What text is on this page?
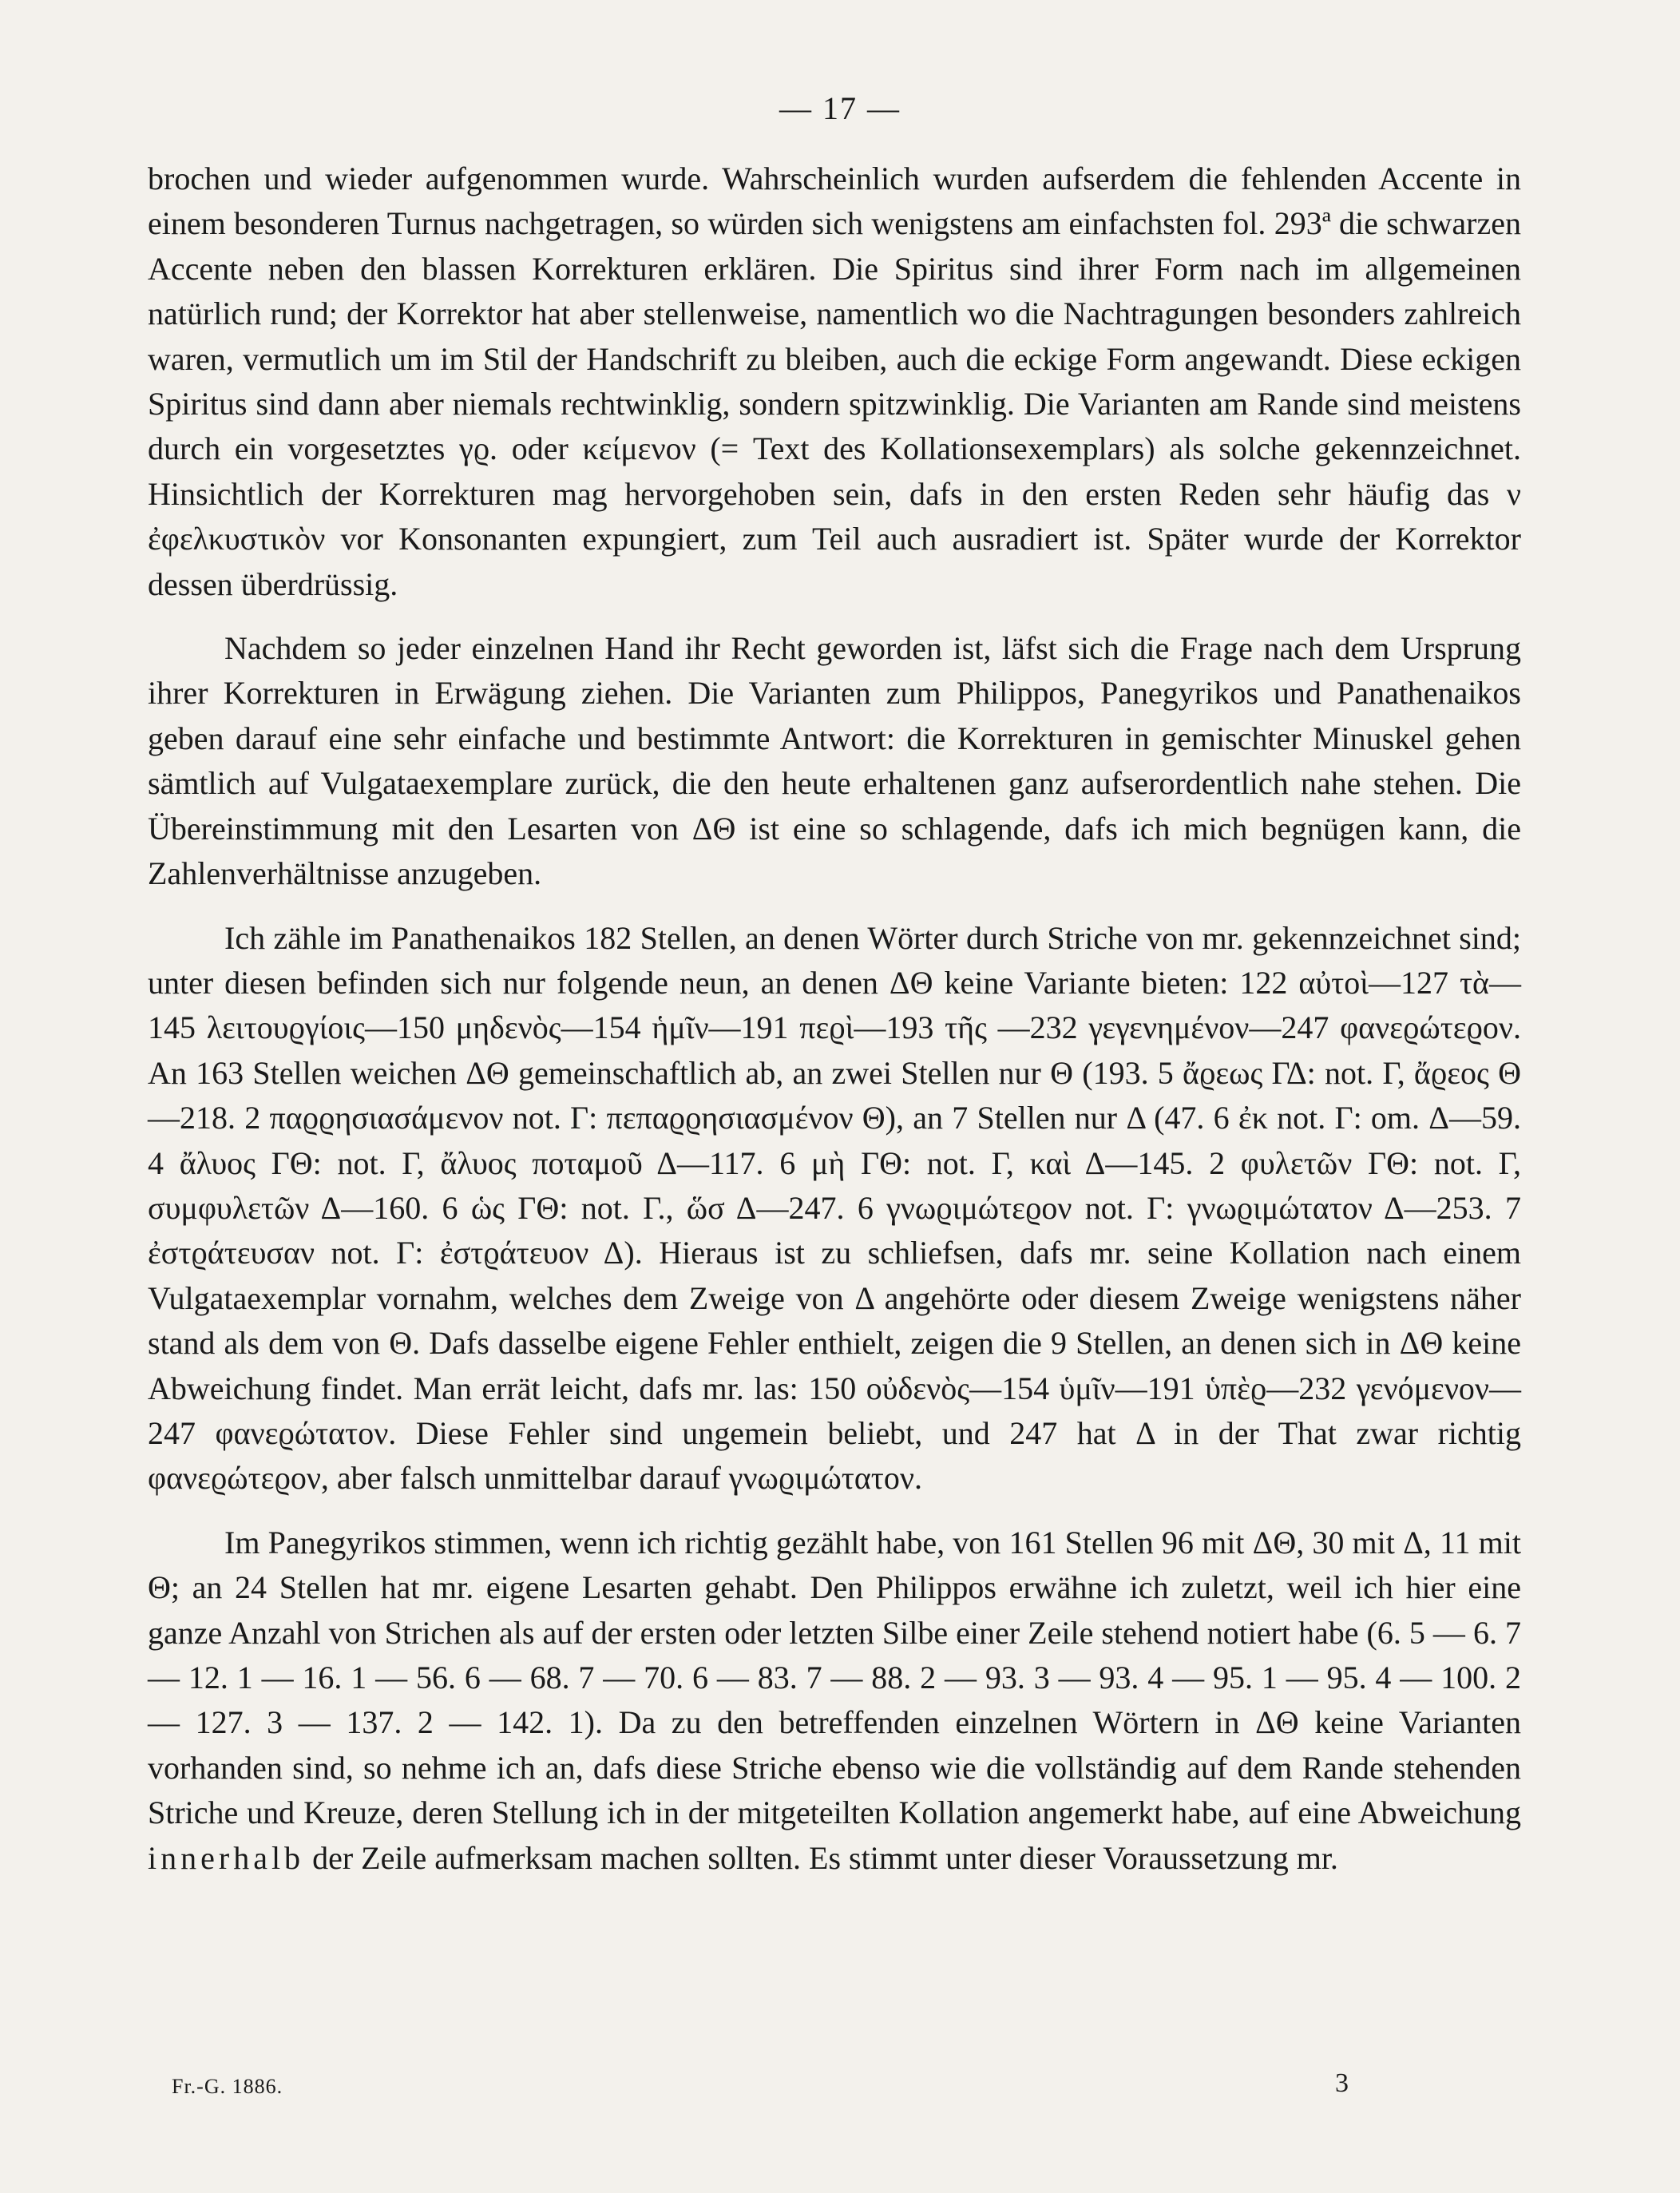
— 17 —

brochen und wieder aufgenommen wurde. Wahrscheinlich wurden aufserdem die fehlenden Accente in einem besonderen Turnus nachgetragen, so würden sich wenigstens am einfachsten fol. 293ª die schwarzen Accente neben den blassen Korrekturen erklären. Die Spiritus sind ihrer Form nach im allgemeinen natürlich rund; der Korrektor hat aber stellenweise, namentlich wo die Nachtragungen besonders zahlreich waren, vermutlich um im Stil der Handschrift zu bleiben, auch die eckige Form angewandt. Diese eckigen Spiritus sind dann aber niemals rechtwinklig, sondern spitzwinklig. Die Varianten am Rande sind meistens durch ein vorgesetztes γϱ. oder κείμενον (= Text des Kollationsexemplars) als solche gekennzeichnet. Hinsichtlich der Korrekturen mag hervorgehoben sein, dafs in den ersten Reden sehr häufig das ν ἐφελκυστικὸν vor Konsonanten expungiert, zum Teil auch ausradiert ist. Später wurde der Korrektor dessen überdrüssig.

Nachdem so jeder einzelnen Hand ihr Recht geworden ist, läfst sich die Frage nach dem Ursprung ihrer Korrekturen in Erwägung ziehen. Die Varianten zum Philippos, Panegyrikos und Panathenaikos geben darauf eine sehr einfache und bestimmte Antwort: die Korrekturen in gemischter Minuskel gehen sämtlich auf Vulgataexemplare zurück, die den heute erhaltenen ganz aufserordentlich nahe stehen. Die Übereinstimmung mit den Lesarten von ΔΘ ist eine so schlagende, dafs ich mich begnügen kann, die Zahlenverhältnisse anzugeben.

Ich zähle im Panathenaikos 182 Stellen, an denen Wörter durch Striche von mr. gekennzeichnet sind; unter diesen befinden sich nur folgende neun, an denen ΔΘ keine Variante bieten: 122 αὐτοὶ—127 τὰ—145 λειτουϱγίοις—150 μηδενὸς—154 ἡμῖν—191 πεϱὶ—193 τῆς —232 γεγενημένον—247 φανεϱώτεϱον. An 163 Stellen weichen ΔΘ gemeinschaftlich ab, an zwei Stellen nur Θ (193. 5 ἄϱεως ΓΔ: not. Γ, ἄϱεος Θ—218. 2 παϱϱησιασάμενον not. Γ: πεπαϱϱησιασμένον Θ), an 7 Stellen nur Δ (47. 6 ἐκ not. Γ: om. Δ—59. 4 ἄλυος ΓΘ: not. Γ, ἄλυος ποταμοῦ Δ—117. 6 μὴ ΓΘ: not. Γ, καὶ Δ—145. 2 φυλετῶν ΓΘ: not. Γ, συμφυλετῶν Δ—160. 6 ὡς ΓΘ: not. Γ., ὥσ Δ—247. 6 γνωϱιμώτεϱον not. Γ: γνωϱιμώτατον Δ—253. 7 ἐστϱάτευσαν not. Γ: ἐστϱάτευον Δ). Hieraus ist zu schliefsen, dafs mr. seine Kollation nach einem Vulgataexemplar vornahm, welches dem Zweige von Δ angehörte oder diesem Zweige wenigstens näher stand als dem von Θ. Dafs dasselbe eigene Fehler enthielt, zeigen die 9 Stellen, an denen sich in ΔΘ keine Abweichung findet. Man errät leicht, dafs mr. las: 150 οὐδενὸς—154 ὑμῖν—191 ὑπὲϱ—232 γενόμενον—247 φανεϱώτατον. Diese Fehler sind ungemein beliebt, und 247 hat Δ in der That zwar richtig φανεϱώτεϱον, aber falsch unmittelbar darauf γνωϱιμώτατον.

Im Panegyrikos stimmen, wenn ich richtig gezählt habe, von 161 Stellen 96 mit ΔΘ, 30 mit Δ, 11 mit Θ; an 24 Stellen hat mr. eigene Lesarten gehabt. Den Philippos erwähne ich zuletzt, weil ich hier eine ganze Anzahl von Strichen als auf der ersten oder letzten Silbe einer Zeile stehend notiert habe (6. 5 — 6. 7 — 12. 1 — 16. 1 — 56. 6 — 68. 7 — 70. 6 — 83. 7 — 88. 2 — 93. 3 — 93. 4 — 95. 1 — 95. 4 — 100. 2 — 127. 3 — 137. 2 — 142. 1). Da zu den betreffenden einzelnen Wörtern in ΔΘ keine Varianten vorhanden sind, so nehme ich an, dafs diese Striche ebenso wie die vollständig auf dem Rande stehenden Striche und Kreuze, deren Stellung ich in der mitgeteilten Kollation angemerkt habe, auf eine Abweichung innerhalb der Zeile aufmerksam machen sollten. Es stimmt unter dieser Voraussetzung mr.

Fr.-G. 1886.	3
